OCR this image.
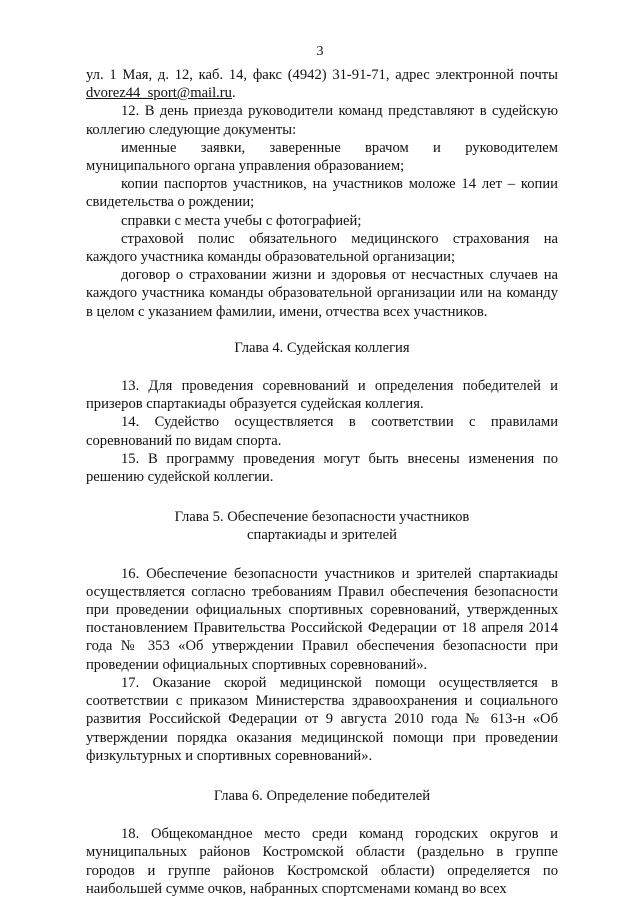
3

ул. 1 Мая, д. 12, каб. 14, факс (4942) 31-91-71, адрес электронной почты dvorez44_sport@mail.ru.

12. В день приезда руководители команд представляют в судейскую коллегию следующие документы:

именные заявки, заверенные врачом и руководителем муниципального органа управления образованием;

копии паспортов участников, на участников моложе 14 лет – копии свидетельства о рождении;

справки с места учебы с фотографией;

страховой полис обязательного медицинского страхования на каждого участника команды образовательной организации;

договор о страховании жизни и здоровья от несчастных случаев на каждого участника команды образовательной организации или на команду в целом с указанием фамилии, имени, отчества всех участников.

Глава 4. Судейская коллегия

13. Для проведения соревнований и определения победителей и призеров спартакиады образуется судейская коллегия.

14. Судейство осуществляется в соответствии с правилами соревнований по видам спорта.

15. В программу проведения могут быть внесены изменения по решению судейской коллегии.

Глава 5. Обеспечение безопасности участников

спартакиады и зрителей

16. Обеспечение безопасности участников и зрителей спартакиады осуществляется согласно требованиям Правил обеспечения безопасности при проведении официальных спортивных соревнований, утвержденных постановлением Правительства Российской Федерации от 18 апреля 2014 года № 353 «Об утверждении Правил обеспечения безопасности при проведении официальных спортивных соревнований».

17. Оказание скорой медицинской помощи осуществляется в соответствии с приказом Министерства здравоохранения и социального развития Российской Федерации от 9 августа 2010 года № 613-н «Об утверждении порядка оказания медицинской помощи при проведении физкультурных и спортивных соревнований».

Глава 6. Определение победителей

18. Общекомандное место среди команд городских округов и муниципальных районов Костромской области (раздельно в группе городов и группе районов Костромской области) определяется по наибольшей сумме очков, набранных спортсменами команд во всех
